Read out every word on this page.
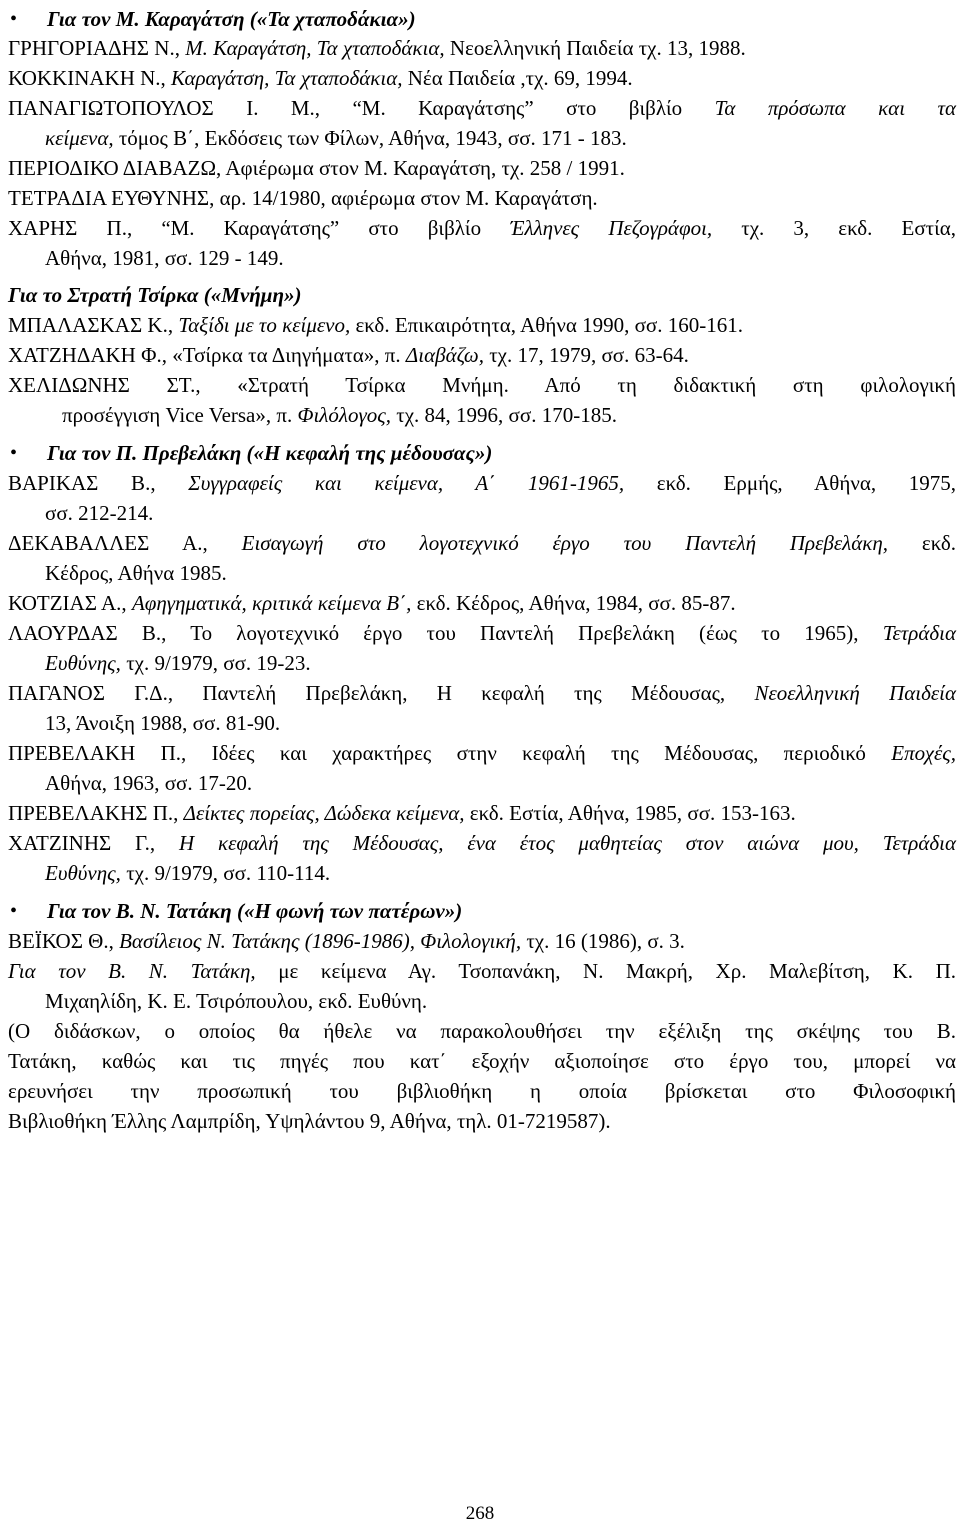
• Για τον Μ. Καραγάτση («Τα χταποδάκια»)
ΓΡΗΓΟΡΙΑΔΗΣ Ν., Μ. Καραγάτση, Τα χταποδάκια, Νεοελληνική Παιδεία τχ. 13, 1988.
ΚΟΚΚΙΝΑΚΗ Ν., Καραγάτση, Τα χταποδάκια, Νέα Παιδεία ,τχ. 69, 1994.
ΠΑΝΑΓΙΩΤΟΠΟΥΛΟΣ Ι. Μ., “Μ. Καραγάτσης” στο βιβλίο Τα πρόσωπα και τα
κείμενα, τόμος Β΄, Εκδόσεις των Φίλων, Αθήνα, 1943, σσ. 171 - 183.
ΠΕΡΙΟΔΙΚΟ ΔΙΑΒΑΖΩ, Αφιέρωμα στον Μ. Καραγάτση, τχ. 258 / 1991.
ΤΕΤΡΑΔΙΑ ΕΥΘΥΝΗΣ, αρ. 14/1980, αφιέρωμα στον Μ. Καραγάτση.
ΧΑΡΗΣ Π., “Μ. Καραγάτσης” στο βιβλίο Έλληνες Πεζογράφοι, τχ. 3, εκδ. Εστία,
Αθήνα, 1981, σσ. 129 - 149.
Για το Στρατή Τσίρκα («Μνήμη»)
ΜΠΑΛΑΣΚΑΣ Κ., Ταξίδι με το κείμενο, εκδ. Επικαιρότητα, Αθήνα 1990, σσ. 160-161.
ΧΑΤΖΗΔΑΚΗ Φ., «Τσίρκα τα Διηγήματα», π. Διαβάζω, τχ. 17, 1979, σσ. 63-64.
ΧΕΛΙΔΩΝΗΣ ΣΤ., «Στρατή Τσίρκα Μνήμη. Από τη διδακτική στη φιλολογική
προσέγγιση Vice Versa», π. Φιλόλογος, τχ. 84, 1996, σσ. 170-185.
• Για τον Π. Πρεβελάκη («Η κεφαλή της μέδουσας»)
ΒΑΡΙΚΑΣ Β., Συγγραφείς και κείμενα, Α΄ 1961-1965, εκδ. Ερμής, Αθήνα, 1975,
σσ. 212-214.
ΔΕΚΑΒΑΛΛΕΣ Α., Εισαγωγή στο λογοτεχνικό έργο του Παντελή Πρεβελάκη, εκδ.
Κέδρος, Αθήνα 1985.
ΚΟΤΖΙΑΣ Α., Αφηγηματικά, κριτικά κείμενα Β΄, εκδ. Κέδρος, Αθήνα, 1984, σσ. 85-87.
ΛΑΟΥΡΔΑΣ Β., Το λογοτεχνικό έργο του Παντελή Πρεβελάκη (έως το 1965), Τετράδια
Ευθύνης, τχ. 9/1979, σσ. 19-23.
ΠΑΓΑΝΟΣ Γ.Δ., Παντελή Πρεβελάκη, Η κεφαλή της Μέδουσας, Νεοελληνική Παιδεία
13, Άνοιξη 1988, σσ. 81-90.
ΠΡΕΒΕΛΑΚΗ Π., Ιδέες και χαρακτήρες στην κεφαλή της Μέδουσας, περιοδικό Εποχές,
Αθήνα, 1963, σσ. 17-20.
ΠΡΕΒΕΛΑΚΗΣ Π., Δείκτες πορείας, Δώδεκα κείμενα, εκδ. Εστία, Αθήνα, 1985, σσ. 153-163.
ΧΑΤΖΙΝΗΣ Γ., Η κεφαλή της Μέδουσας, ένα έτος μαθητείας στον αιώνα μου, Τετράδια
Ευθύνης, τχ. 9/1979, σσ. 110-114.
• Για τον Β. Ν. Τατάκη («Η φωνή των πατέρων»)
ΒΕΪΚΟΣ Θ., Βασίλειος Ν. Τατάκης (1896-1986), Φιλολογική, τχ. 16 (1986), σ. 3.
Για τον Β. Ν. Τατάκη, με κείμενα Αγ. Τσοπανάκη, Ν. Μακρή, Χρ. Μαλεβίτση, Κ. Π.
Μιχαηλίδη, Κ. Ε. Τσιρόπουλου, εκδ. Ευθύνη.
(Ο διδάσκων, ο οποίος θα ήθελε να παρακολουθήσει την εξέλιξη της σκέψης του Β.
Τατάκη, καθώς και τις πηγές που κατ΄ εξοχήν αξιοποίησε στο έργο του, μπορεί να
ερευνήσει την προσωπική του βιβλιοθήκη η οποία βρίσκεται στο Φιλοσοφική
Βιβλιοθήκη Έλλης Λαμπρίδη, Υψηλάντου 9, Αθήνα, τηλ. 01-7219587).
268
